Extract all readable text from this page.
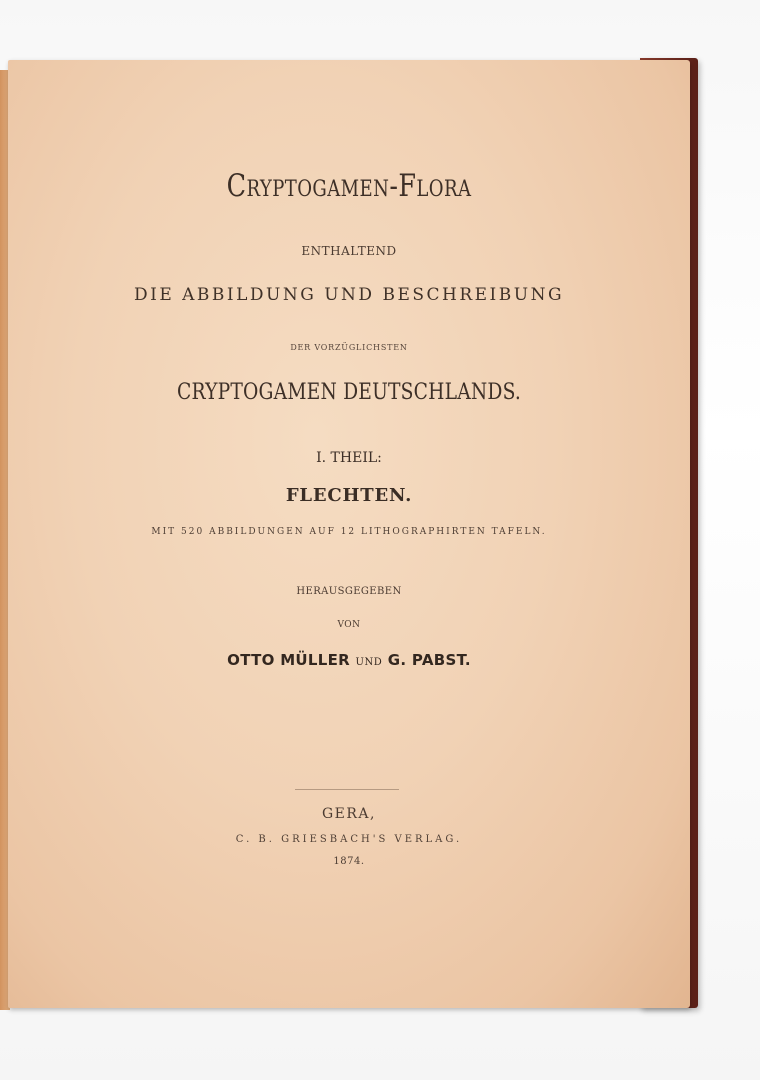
Cryptogamen-Flora
ENTHALTEND
DIE ABBILDUNG UND BESCHREIBUNG
DER VORZÜGLICHSTEN
CRYPTOGAMEN DEUTSCHLANDS.
I. THEIL:
FLECHTEN.
MIT 520 ABBILDUNGEN AUF 12 LITHOGRAPHIRTEN TAFELN.
HERAUSGEGEBEN
VON
OTTO MÜLLER UND G. PABST.
GERA,
C. B. GRIESBACH'S VERLAG.
1874.
